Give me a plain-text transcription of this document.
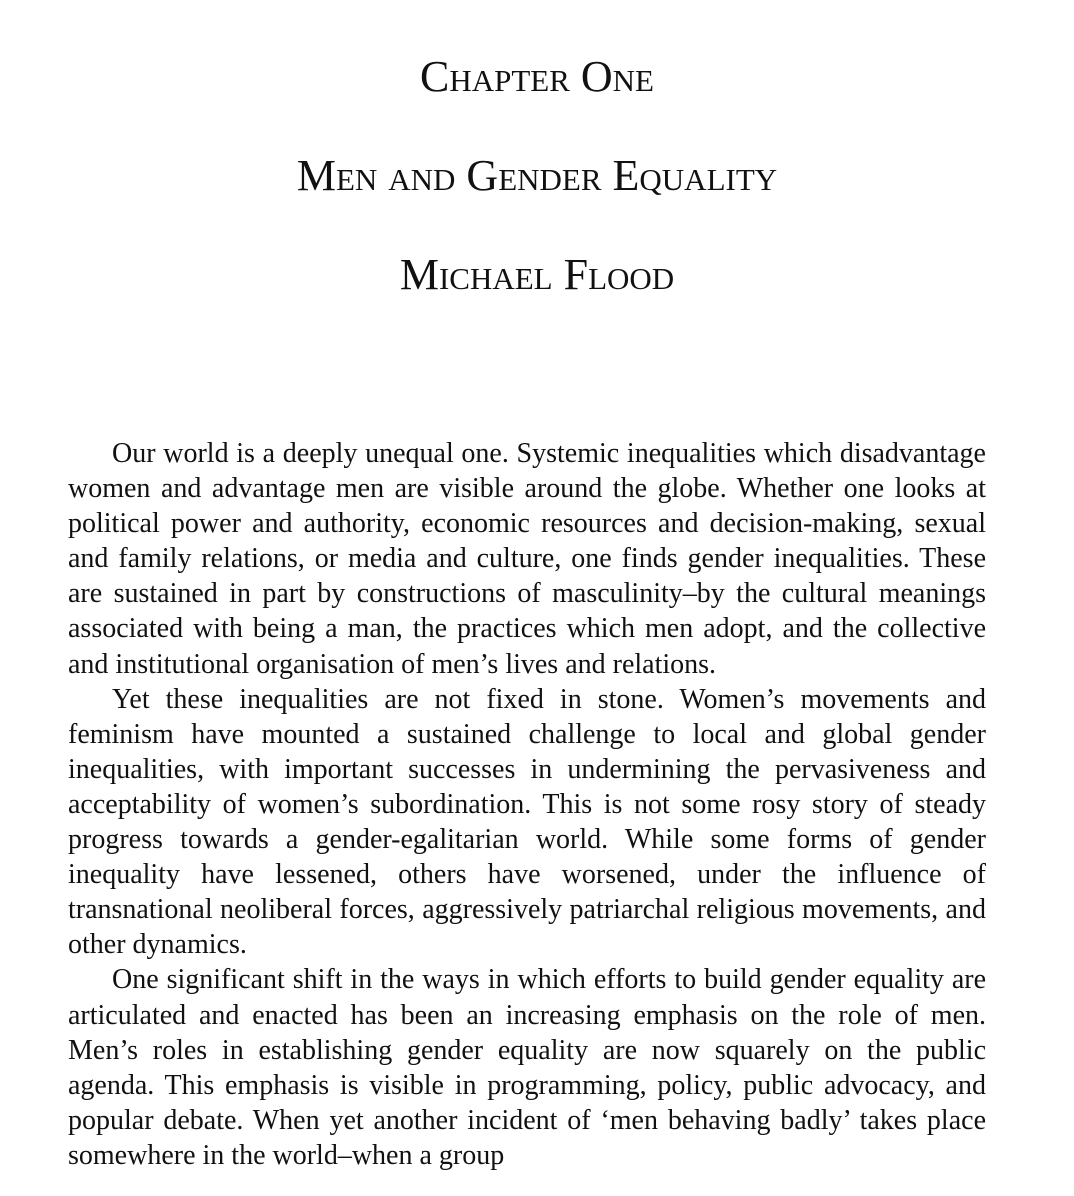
Chapter One
Men and Gender Equality
Michael Flood

Our world is a deeply unequal one. Systemic inequalities which disadvantage women and advantage men are visible around the globe. Whether one looks at political power and authority, economic resources and decision-making, sexual and family relations, or media and culture, one finds gender inequalities. These are sustained in part by constructions of masculinity–by the cultural meanings associated with being a man, the practices which men adopt, and the collective and institutional organisation of men’s lives and relations.

Yet these inequalities are not fixed in stone. Women’s movements and feminism have mounted a sustained challenge to local and global gender inequalities, with important successes in undermining the pervasiveness and acceptability of women’s subordination. This is not some rosy story of steady progress towards a gender-egalitarian world. While some forms of gender inequality have lessened, others have worsened, under the influence of transnational neoliberal forces, aggressively patriarchal religious movements, and other dynamics.

One significant shift in the ways in which efforts to build gender equality are articulated and enacted has been an increasing emphasis on the role of men. Men’s roles in establishing gender equality are now squarely on the public agenda. This emphasis is visible in programming, policy, public advocacy, and popular debate. When yet another incident of ‘men behaving badly’ takes place somewhere in the world–when a group
